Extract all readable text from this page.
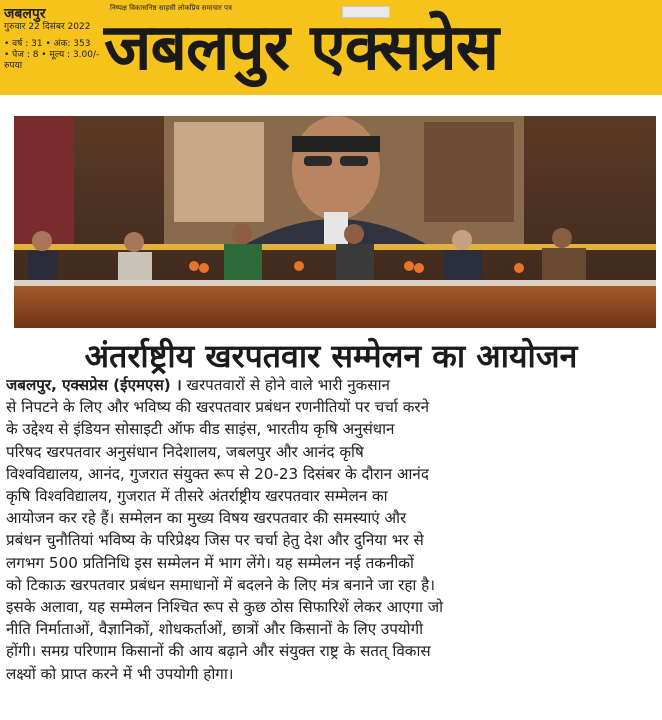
जबलपुर
गुरुवार 22 दिसंबर 2022
• वर्ष : 31 • अंक: 353
• पेज : 8 • मूल्य : 3.00/-रुपया
निष्पक्ष विकासनिष्ठ साहसी लोकप्रिय समाचार पत्र
जबलपुर एक्सप्रेस
अंतर्राष्ट्रीय खरपतवार सम्मेलन का आयोजन
जबलपुर, एक्सप्रेस (ईएमएस) । खरपतवारों से होने वाले भारी नुकसान
से निपटने के लिए और भविष्य की खरपतवार प्रबंधन रणनीतियों पर चर्चा करने
के उद्देश्य से इंडियन सोसाइटी ऑफ वीड साइंस, भारतीय कृषि अनुसंधान
परिषद खरपतवार अनुसंधान निदेशालय, जबलपुर और आनंद कृषि
विश्वविद्यालय, आनंद, गुजरात संयुक्त रूप से 20-23 दिसंबर के दौरान आनंद
कृषि विश्वविद्यालय, गुजरात में तीसरे अंतर्राष्ट्रीय खरपतवार सम्मेलन का
आयोजन कर रहे हैं। सम्मेलन का मुख्य विषय खरपतवार की समस्याएं और
प्रबंधन चुनौतियां भविष्य के परिप्रेक्ष्य जिस पर चर्चा हेतु देश और दुनिया भर से
लगभग 500 प्रतिनिधि इस सम्मेलन में भाग लेंगे। यह सम्मेलन नई तकनीकों
को टिकाऊ खरपतवार प्रबंधन समाधानों में बदलने के लिए मंत्र बनाने जा रहा है।
इसके अलावा, यह सम्मेलन निश्चित रूप से कुछ ठोस सिफारिशें लेकर आएगा जो
नीति निर्माताओं, वैज्ञानिकों, शोधकर्ताओं, छात्रों और किसानों के लिए उपयोगी
होंगी। समग्र परिणाम किसानों की आय बढ़ाने और संयुक्त राष्ट्र के सतत् विकास
लक्ष्यों को प्राप्त करने में भी उपयोगी होगा।
